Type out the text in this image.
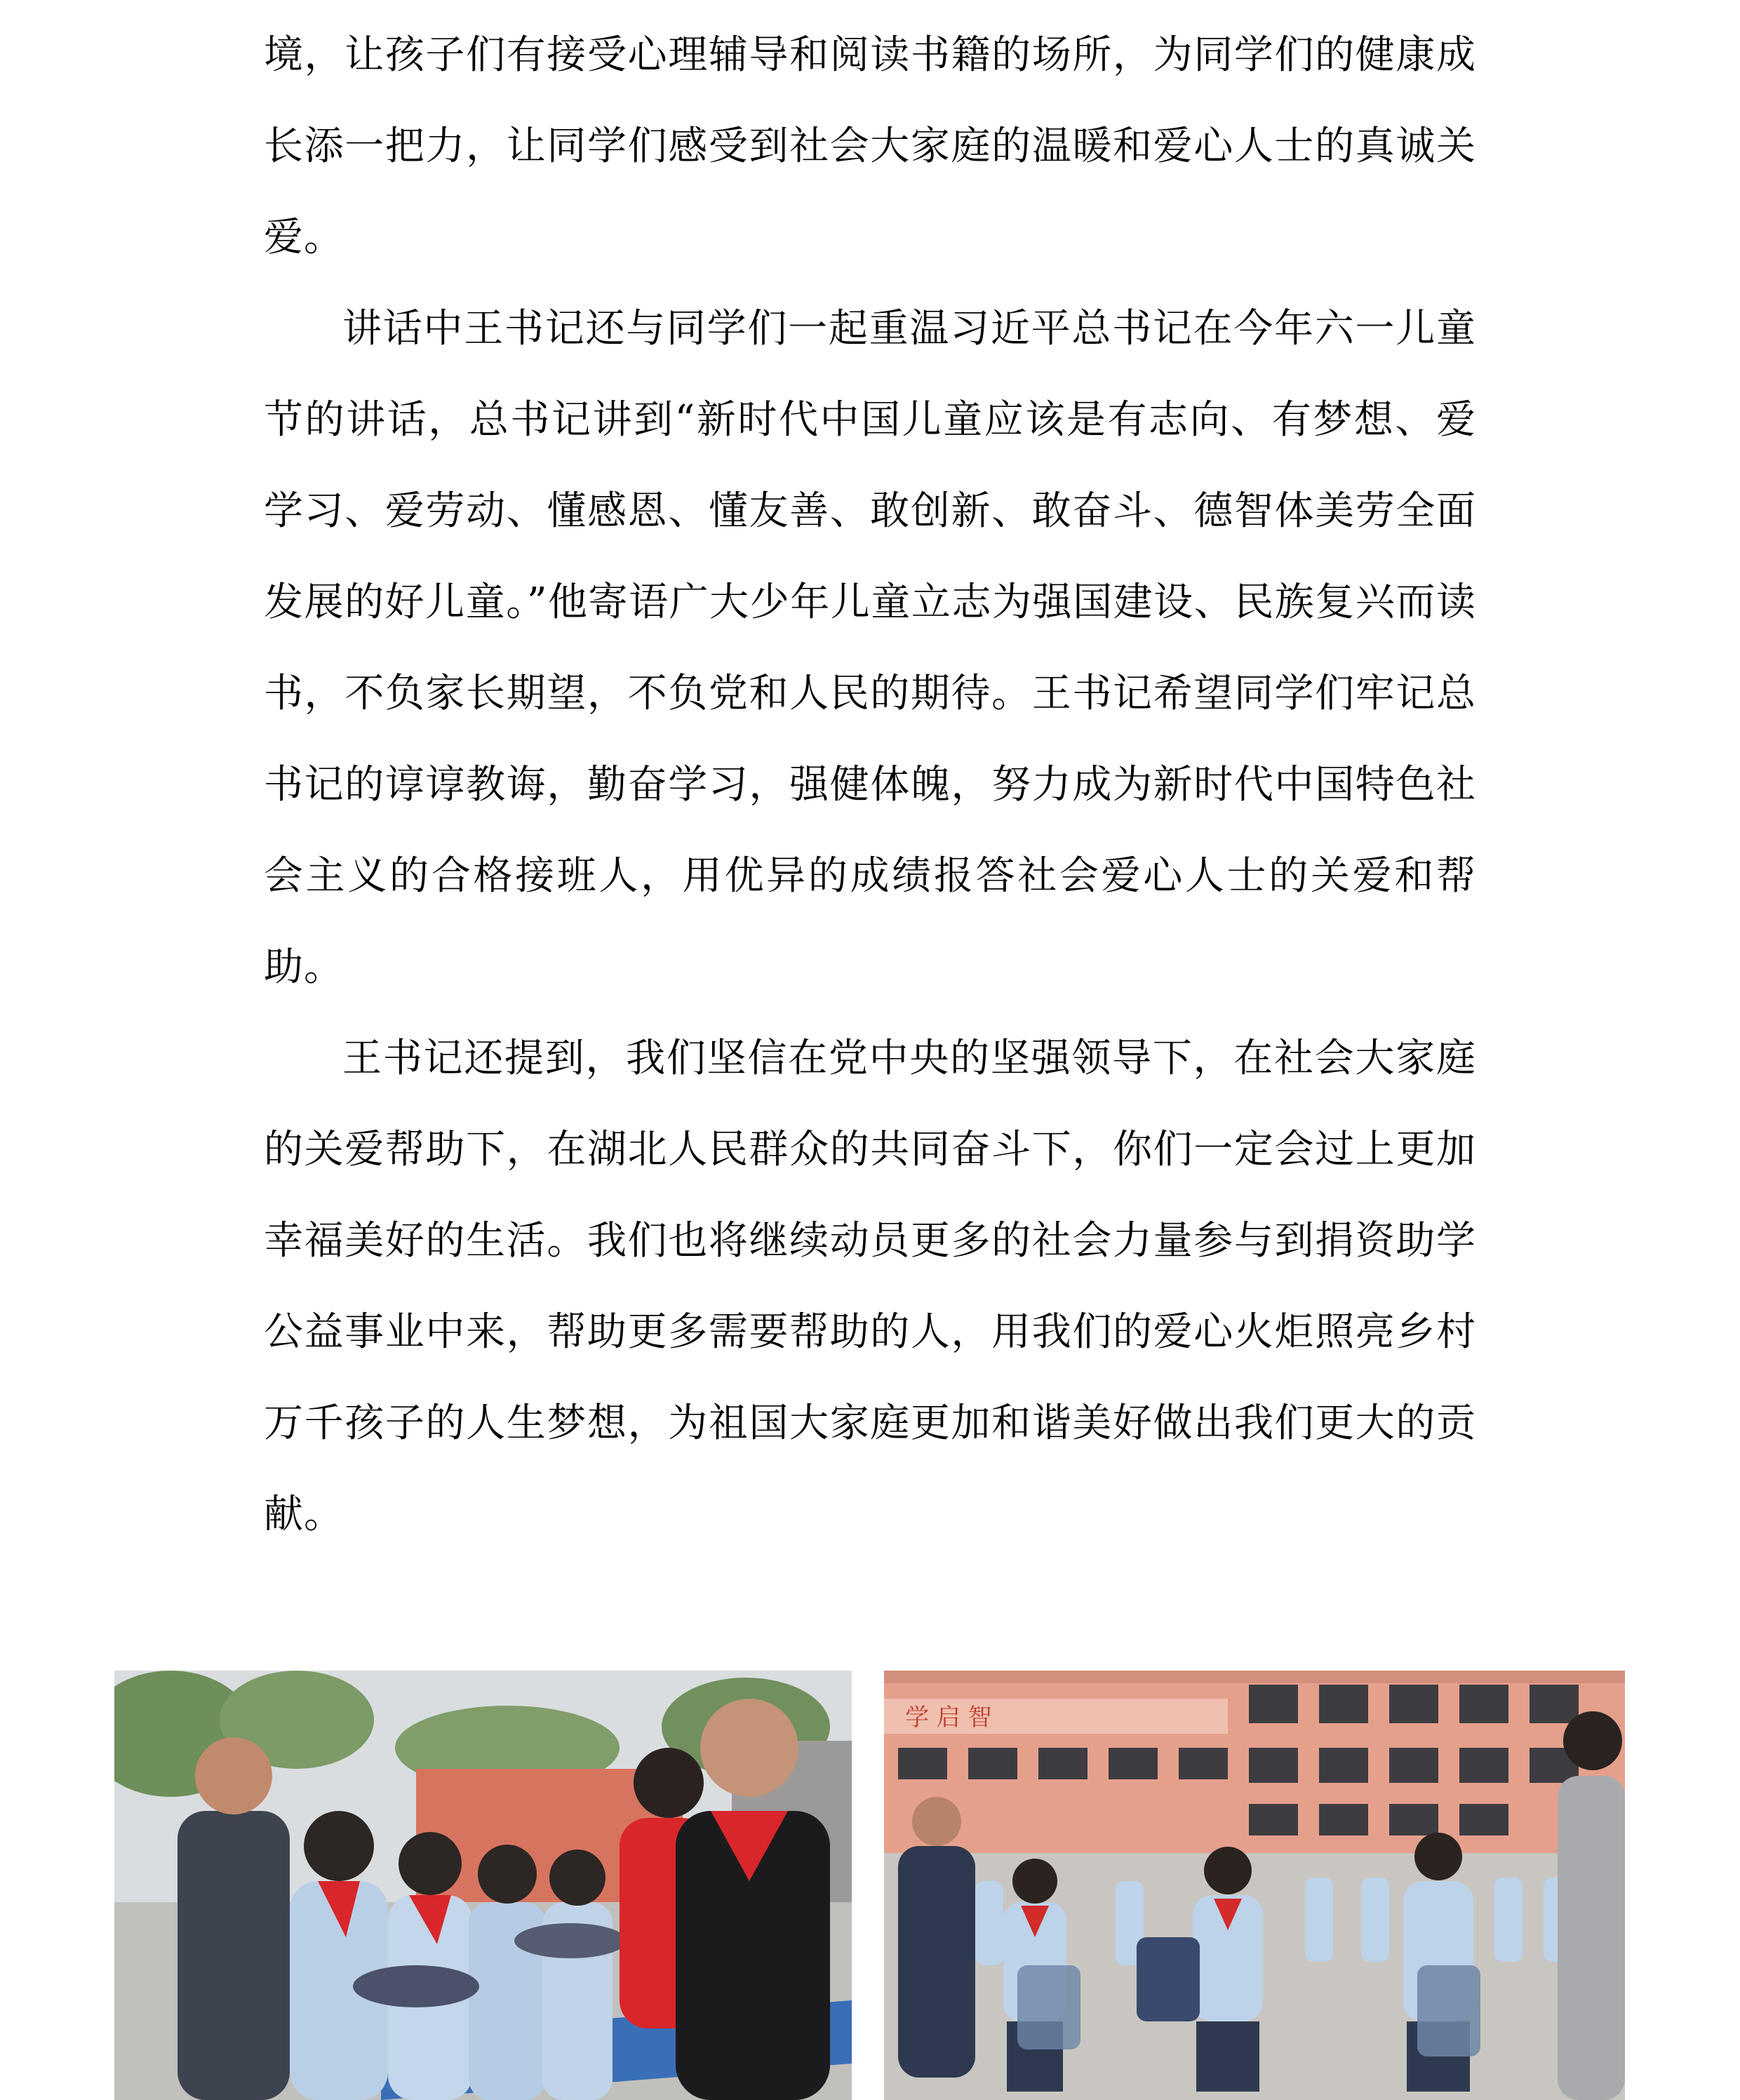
境，让孩子们有接受心理辅导和阅读书籍的场所，为同学们的健康成长添一把力，让同学们感受到社会大家庭的温暖和爱心人士的真诚关爱。

讲话中王书记还与同学们一起重温习近平总书记在今年六一儿童节的讲话，总书记讲到“新时代中国儿童应该是有志向、有梦想、爱学习、爱劳动、懂感恩、懂友善、敢创新、敢奋斗、德智体美劳全面发展的好儿童。”他寄语广大少年儿童立志为强国建设、民族复兴而读书，不负家长期望，不负党和人民的期待。王书记希望同学们牢记总书记的谆谆教诲，勤奋学习，强健体魄，努力成为新时代中国特色社会主义的合格接班人，用优异的成绩报答社会爱心人士的关爱和帮助。

王书记还提到，我们坚信在党中央的坚强领导下，在社会大家庭的关爱帮助下，在湖北人民群众的共同奋斗下，你们一定会过上更加幸福美好的生活。我们也将继续动员更多的社会力量参与到捐资助学公益事业中来，帮助更多需要帮助的人，用我们的爱心火炬照亮乡村万千孩子的人生梦想，为祖国大家庭更加和谐美好做出我们更大的贡献。

学 启 智
